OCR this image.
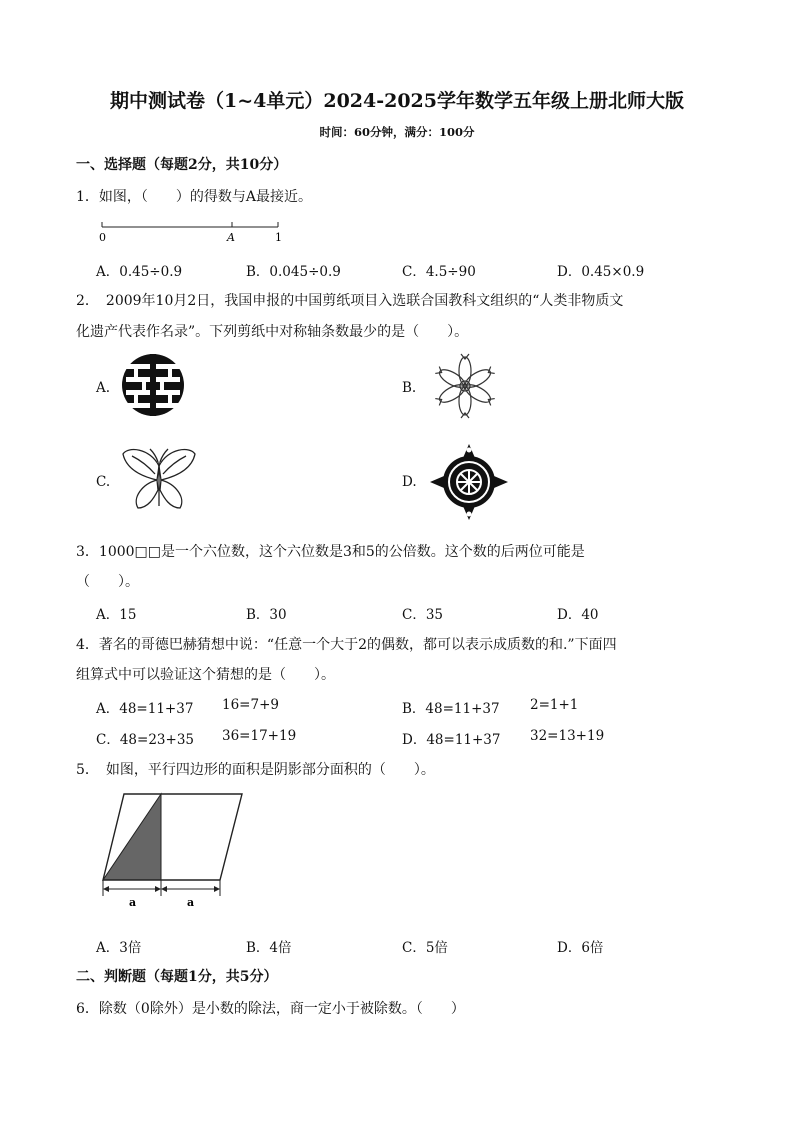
期中测试卷（1~4单元）2024-2025学年数学五年级上册北师大版
时间：60分钟，满分：100分
一、选择题（每题2分，共10分）
1．如图，（　　）的得数与A最接近。
0	A	1
A．0.45÷0.9	B．0.045÷0.9	C．4.5÷90	D．0.45×0.9
2．　2009年10月2日，我国申报的中国剪纸项目入选联合国教科文组织的“人类非物质文
化遗产代表作名录”。下列剪纸中对称轴条数最少的是（　　）。
A.	B.
C.	D.
3．1000□□是一个六位数，这个六位数是3和5的公倍数。这个数的后两位可能是
（　　）。
A．15	B．30	C．35	D．40
4．著名的哥德巴赫猜想中说：“任意一个大于2的偶数，都可以表示成质数的和.”下面四
组算式中可以验证这个猜想的是（　　）。
A．48=11+37 16=7+9	B．48=11+37 2=1+1
C．48=23+35 36=17+19	D．48=11+37 32=13+19
5．　如图，平行四边形的面积是阴影部分面积的（　　）。
a	a
A．3倍	B．4倍	C．5倍	D．6倍
二、判断题（每题1分，共5分）
6．除数（0除外）是小数的除法，商一定小于被除数。（　　）
